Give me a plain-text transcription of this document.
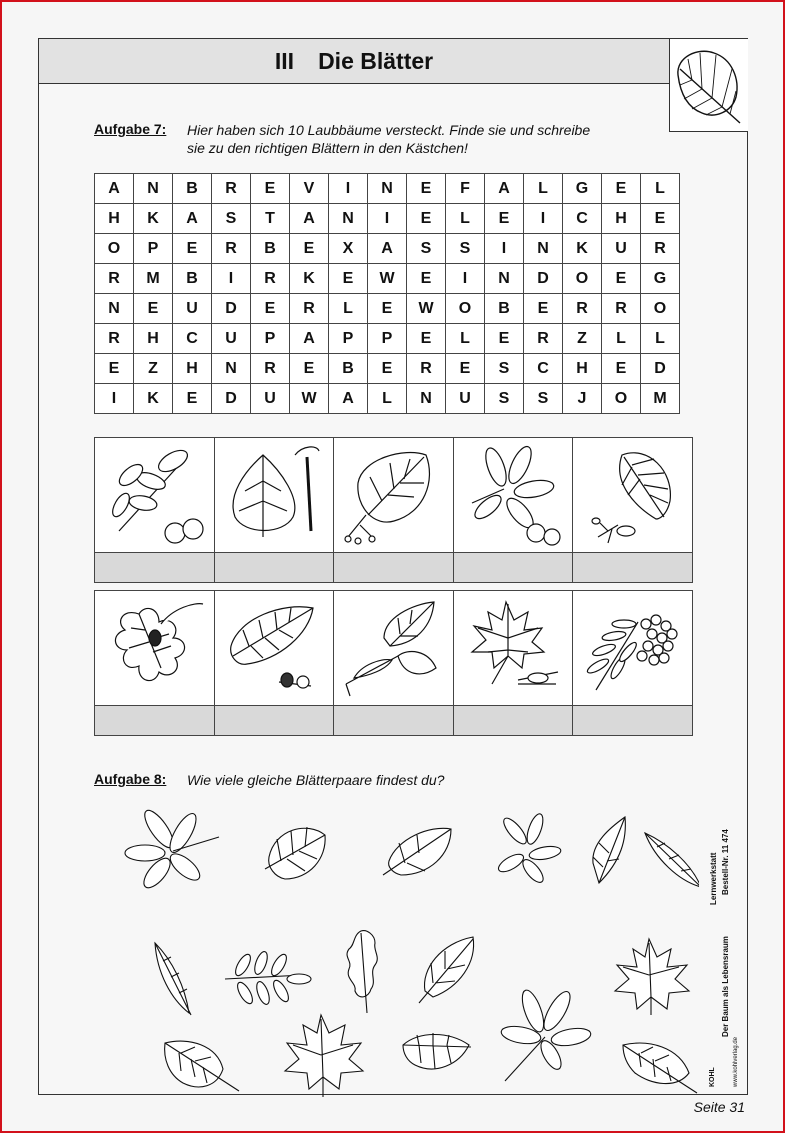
III Die Blätter
Aufgabe 7: Hier haben sich 10 Laubbäume versteckt. Finde sie und schreibe
sie zu den richtigen Blättern in den Kästchen!
A	N	B	R	E	V	I	N	E	F	A	L	G	E	L
H	K	A	S	T	A	N	I	E	L	E	I	C	H	E
O	P	E	R	B	E	X	A	S	S	I	N	K	U	R
R	M	B	I	R	K	E	W	E	I	N	D	O	E	G
N	E	U	D	E	R	L	E	W	O	B	E	R	R	O
R	H	C	U	P	A	P	P	E	L	E	R	Z	L	L
E	Z	H	N	R	E	B	E	R	E	S	C	H	E	D
I	K	E	D	U	W	A	L	N	U	S	S	J	O	M
Aufgabe 8: Wie viele gleiche Blätterpaare findest du?
Lernwerkstatt
Der Baum als Lebensraum
Bestell-Nr. 11 474
KOHL	www.kohlverlag.de
Seite 31
